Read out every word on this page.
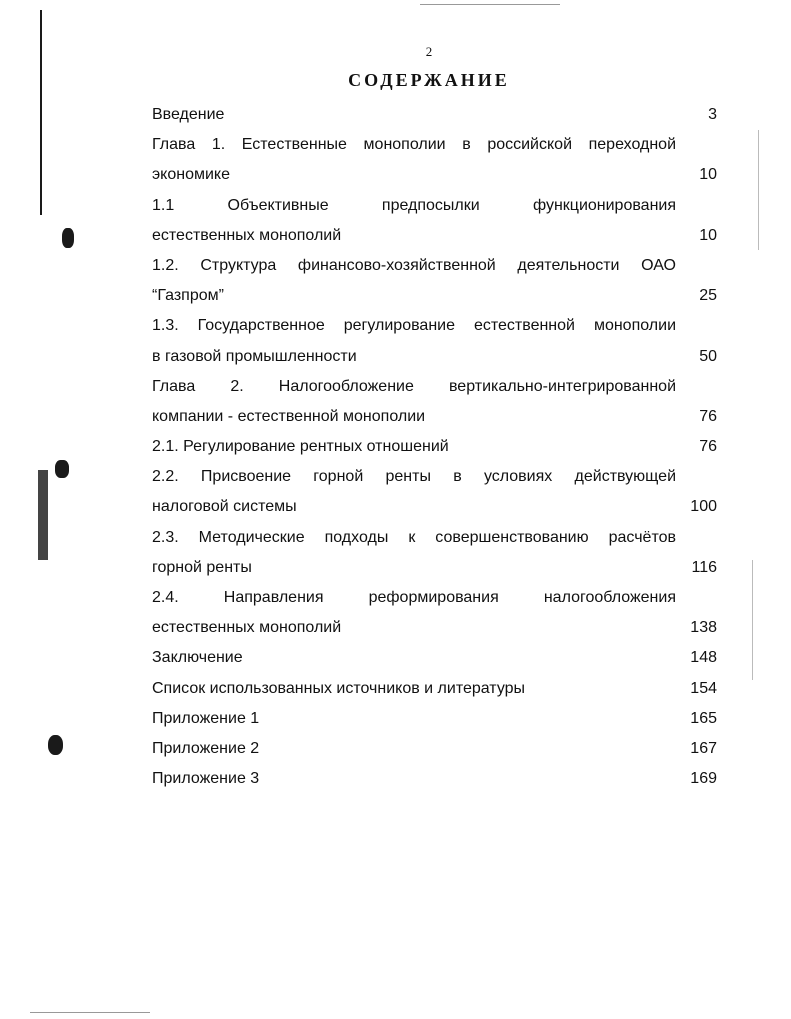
2
СОДЕРЖАНИЕ
Введение	3
Глава 1. Естественные монополии в российской переходной
экономике	10
1.1 Объективные предпосылки функционирования
естественных монополий	10
1.2. Структура финансово-хозяйственной деятельности ОАО
“Газпром”	25
1.3. Государственное регулирование естественной монополии
в газовой промышленности	50
Глава 2. Налогообложение вертикально-интегрированной
компании - естественной монополии	76
2.1. Регулирование рентных отношений	76
2.2. Присвоение горной ренты в условиях действующей
налоговой системы	100
2.3. Методические подходы к совершенствованию расчётов
горной ренты	116
2.4. Направления реформирования налогообложения
естественных монополий	138
Заключение	148
Список использованных источников и литературы	154
Приложение 1	165
Приложение 2	167
Приложение 3	169
